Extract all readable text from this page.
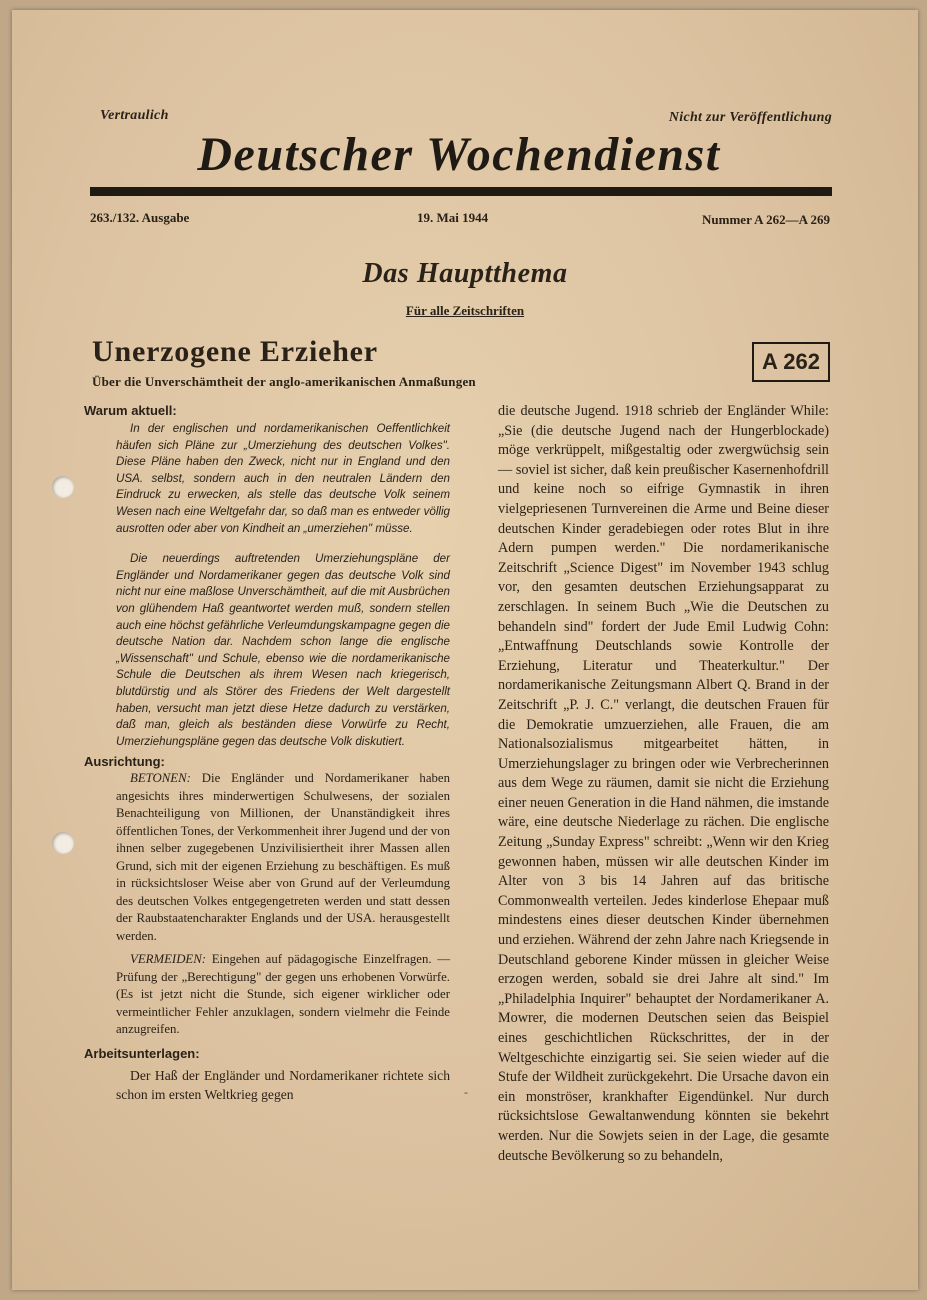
Vertraulich	Nicht zur Veröffentlichung
Deutscher Wochendienst
263./132. Ausgabe	19. Mai 1944	Nummer A 262—A 269
Das Hauptthema
Für alle Zeitschriften
Unerzogene Erzieher
Über die Unverschämtheit der anglo-amerikanischen Anmaßungen
A 262
-

Warum aktuell:

In der englischen und nordamerikanischen Oeffentlichkeit häufen sich Pläne zur „Umerziehung des deutschen Volkes". Diese Pläne haben den Zweck, nicht nur in England und den USA. selbst, sondern auch in den neutralen Ländern den Eindruck zu erwecken, als stelle das deutsche Volk seinem Wesen nach eine Weltgefahr dar, so daß man es entweder völlig ausrotten oder aber von Kindheit an „umerziehen" müsse.

Die neuerdings auftretenden Umerziehungspläne der Engländer und Nordamerikaner gegen das deutsche Volk sind nicht nur eine maßlose Unverschämtheit, auf die mit Ausbrüchen von glühendem Haß geantwortet werden muß, sondern stellen auch eine höchst gefährliche Verleumdungskampagne gegen die deutsche Nation dar. Nachdem schon lange die englische „Wissenschaft" und Schule, ebenso wie die nordamerikanische Schule die Deutschen als ihrem Wesen nach kriegerisch, blutdürstig und als Störer des Friedens der Welt dargestellt haben, versucht man jetzt diese Hetze dadurch zu verstärken, daß man, gleich als beständen diese Vorwürfe zu Recht, Umerziehungspläne gegen das deutsche Volk diskutiert.

Ausrichtung:

BETONEN: Die Engländer und Nordamerikaner haben angesichts ihres minderwertigen Schulwesens, der sozialen Benachteiligung von Millionen, der Unanständigkeit ihres öffentlichen Tones, der Verkommenheit ihrer Jugend und der von ihnen selber zugegebenen Unzivilisiertheit ihrer Massen allen Grund, sich mit der eigenen Erziehung zu beschäftigen. Es muß in rücksichtsloser Weise aber von Grund auf der Verleumdung des deutschen Volkes entgegengetreten werden und statt dessen der Raubstaatencharakter Englands und der USA. herausgestellt werden.

VERMEIDEN: Eingehen auf pädagogische Einzelfragen. — Prüfung der „Berechtigung" der gegen uns erhobenen Vorwürfe. (Es ist jetzt nicht die Stunde, sich eigener wirklicher oder vermeintlicher Fehler anzuklagen, sondern vielmehr die Feinde anzugreifen.

Arbeitsunterlagen:

Der Haß der Engländer und Nordamerikaner richtete sich schon im ersten Weltkrieg gegen

die deutsche Jugend. 1918 schrieb der Engländer While: „Sie (die deutsche Jugend nach der Hungerblockade) möge verkrüppelt, mißgestaltig oder zwergwüchsig sein — soviel ist sicher, daß kein preußischer Kasernenhofdrill und keine noch so eifrige Gymnastik in ihren vielgepriesenen Turnvereinen die Arme und Beine dieser deutschen Kinder geradebiegen oder rotes Blut in ihre Adern pumpen werden." Die nordamerikanische Zeitschrift „Science Digest" im November 1943 schlug vor, den gesamten deutschen Erziehungsapparat zu zerschlagen. In seinem Buch „Wie die Deutschen zu behandeln sind" fordert der Jude Emil Ludwig Cohn: „Entwaffnung Deutschlands sowie Kontrolle der Erziehung, Literatur und Theaterkultur." Der nordamerikanische Zeitungsmann Albert Q. Brand in der Zeitschrift „P. J. C." verlangt, die deutschen Frauen für die Demokratie umzuerziehen, alle Frauen, die am Nationalsozialismus mitgearbeitet hätten, in Umerziehungslager zu bringen oder wie Verbrecherinnen aus dem Wege zu räumen, damit sie nicht die Erziehung einer neuen Generation in die Hand nähmen, die imstande wäre, eine deutsche Niederlage zu rächen. Die englische Zeitung „Sunday Express" schreibt: „Wenn wir den Krieg gewonnen haben, müssen wir alle deutschen Kinder im Alter von 3 bis 14 Jahren auf das britische Commonwealth verteilen. Jedes kinderlose Ehepaar muß mindestens eines dieser deutschen Kinder übernehmen und erziehen. Während der zehn Jahre nach Kriegsende in Deutschland geborene Kinder müssen in gleicher Weise erzogen werden, sobald sie drei Jahre alt sind." Im „Philadelphia Inquirer" behauptet der Nordamerikaner A. Mowrer, die modernen Deutschen seien das Beispiel eines geschichtlichen Rückschrittes, der in der Weltgeschichte einzigartig sei. Sie seien wieder auf die Stufe der Wildheit zurückgekehrt. Die Ursache davon ein ein monströser, krankhafter Eigendünkel. Nur durch rücksichtslose Gewaltanwendung könnten sie bekehrt werden. Nur die Sowjets seien in der Lage, die gesamte deutsche Bevölkerung so zu behandeln,
